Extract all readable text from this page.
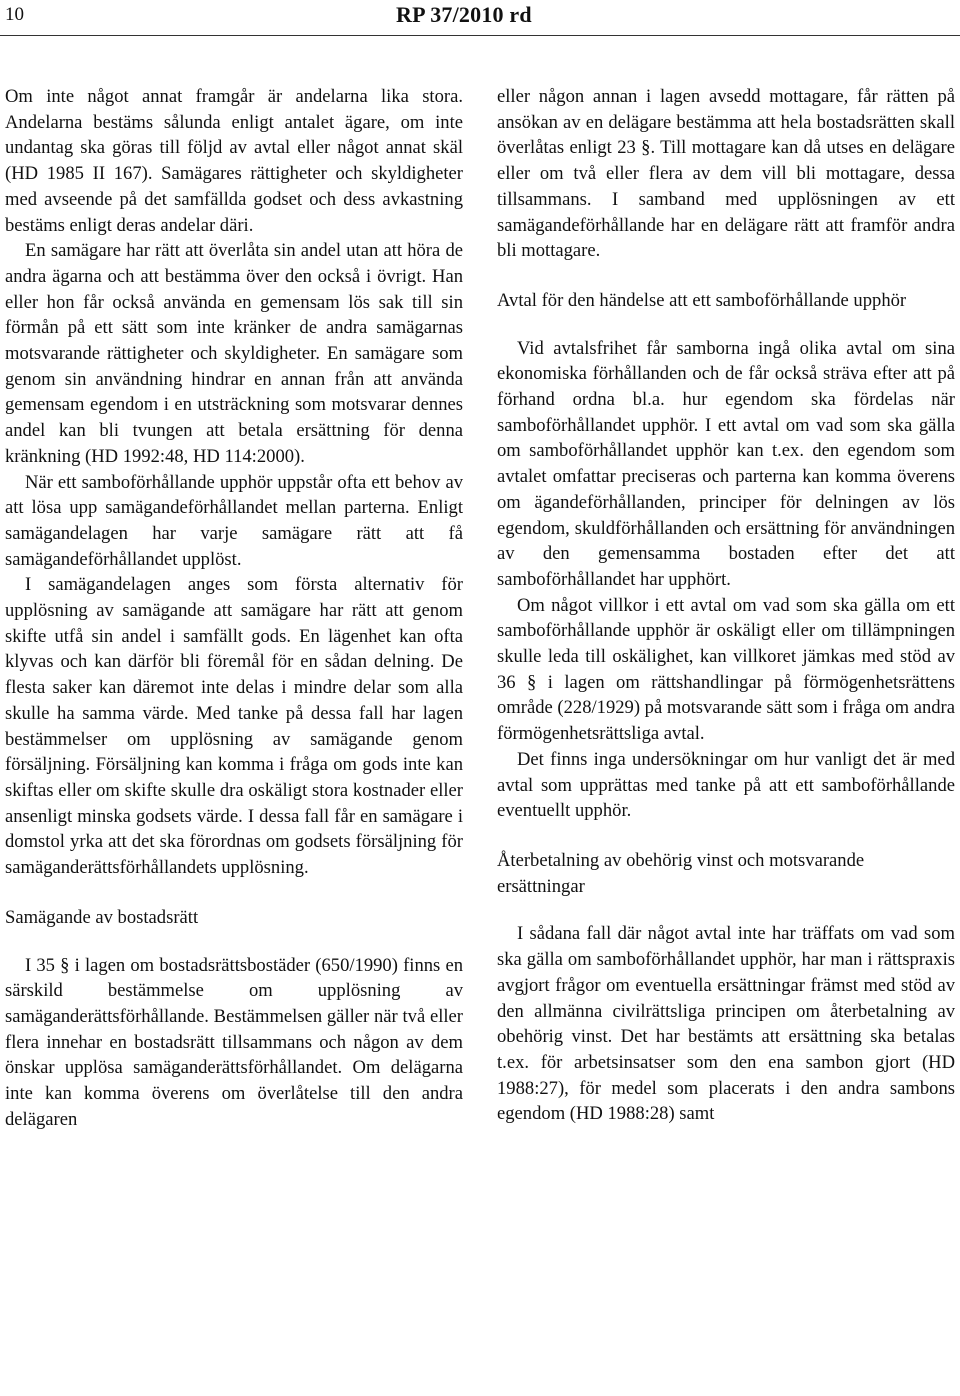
10	RP 37/2010 rd

Om inte något annat framgår är andelarna lika stora. Andelarna bestäms sålunda enligt antalet ägare, om inte undantag ska göras till följd av avtal eller något annat skäl (HD 1985 II 167). Samägares rättigheter och skyldigheter med avseende på det samfällda godset och dess avkastning bestäms enligt deras andelar däri.

En samägare har rätt att överlåta sin andel utan att höra de andra ägarna och att bestämma över den också i övrigt. Han eller hon får också använda en gemensam lös sak till sin förmån på ett sätt som inte kränker de andra samägarnas motsvarande rättigheter och skyldigheter. En samägare som genom sin användning hindrar en annan från att använda gemensam egendom i en utsträckning som motsvarar dennes andel kan bli tvungen att betala ersättning för denna kränkning (HD 1992:48, HD 114:2000).

När ett samboförhållande upphör uppstår ofta ett behov av att lösa upp samägandeförhållandet mellan parterna. Enligt samägandelagen har varje samägare rätt att få samägandeförhållandet upplöst.

I samägandelagen anges som första alternativ för upplösning av samägande att samägare har rätt att genom skifte utfå sin andel i samfällt gods. En lägenhet kan ofta klyvas och kan därför bli föremål för en sådan delning. De flesta saker kan däremot inte delas i mindre delar som alla skulle ha samma värde. Med tanke på dessa fall har lagen bestämmelser om upplösning av samägande genom försäljning. Försäljning kan komma i fråga om gods inte kan skiftas eller om skifte skulle dra oskäligt stora kostnader eller ansenligt minska godsets värde. I dessa fall får en samägare i domstol yrka att det ska förordnas om godsets försäljning för samäganderättsförhållandets upplösning.

Samägande av bostadsrätt

I 35 § i lagen om bostadsrättsbostäder (650/1990) finns en särskild bestämmelse om upplösning av samäganderättsförhållande. Bestämmelsen gäller när två eller flera innehar en bostadsrätt tillsammans och någon av dem önskar upplösa samäganderättsförhållandet. Om delägarna inte kan komma överens om överlåtelse till den andra delägaren

eller någon annan i lagen avsedd mottagare, får rätten på ansökan av en delägare bestämma att hela bostadsrätten skall överlåtas enligt 23 §. Till mottagare kan då utses en delägare eller om två eller flera av dem vill bli mottagare, dessa tillsammans. I samband med upplösningen av ett samägandeförhållande har en delägare rätt att framför andra bli mottagare.

Avtal för den händelse att ett samboförhållande upphör

Vid avtalsfrihet får samborna ingå olika avtal om sina ekonomiska förhållanden och de får också sträva efter att på förhand ordna bl.a. hur egendom ska fördelas när samboförhållandet upphör. I ett avtal om vad som ska gälla om samboförhållandet upphör kan t.ex. den egendom som avtalet omfattar preciseras och parterna kan komma överens om ägandeförhållanden, principer för delningen av lös egendom, skuldförhållanden och ersättning för användningen av den gemensamma bostaden efter det att samboförhållandet har upphört.

Om något villkor i ett avtal om vad som ska gälla om ett samboförhållande upphör är oskäligt eller om tillämpningen skulle leda till oskälighet, kan villkoret jämkas med stöd av 36 § i lagen om rättshandlingar på förmögenhetsrättens område (228/1929) på motsvarande sätt som i fråga om andra förmögenhetsrättsliga avtal.

Det finns inga undersökningar om hur vanligt det är med avtal som upprättas med tanke på att ett samboförhållande eventuellt upphör.

Återbetalning av obehörig vinst och motsvarande ersättningar

I sådana fall där något avtal inte har träffats om vad som ska gälla om samboförhållandet upphör, har man i rättspraxis avgjort frågor om eventuella ersättningar främst med stöd av den allmänna civilrättsliga principen om återbetalning av obehörig vinst. Det har bestämts att ersättning ska betalas t.ex. för arbetsinsatser som den ena sambon gjort (HD 1988:27), för medel som placerats i den andra sambons egendom (HD 1988:28) samt
